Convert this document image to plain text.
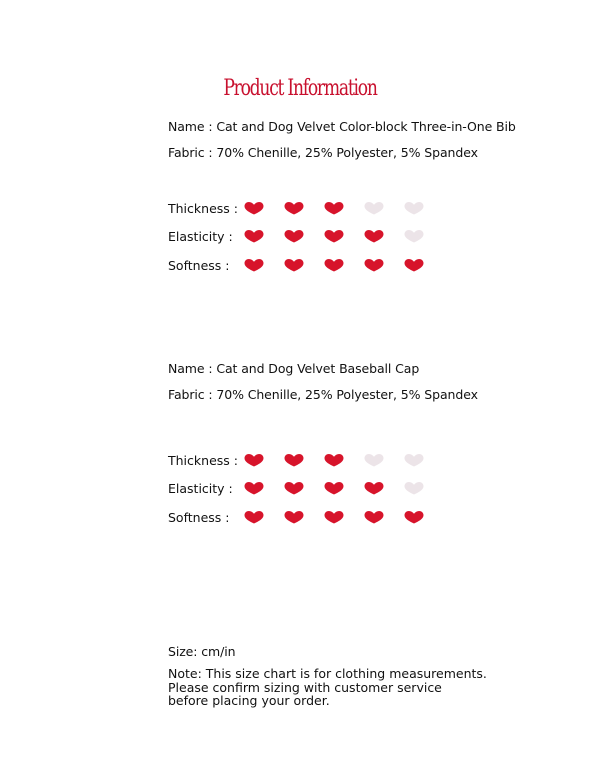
Product Information
Name : Cat and Dog Velvet Color-block Three-in-One Bib
Fabric : 70% Chenille, 25% Polyester, 5% Spandex
Thickness :
Elasticity :
Softness :
Name : Cat and Dog Velvet Baseball Cap
Fabric : 70% Chenille, 25% Polyester, 5% Spandex
Thickness :
Elasticity :
Softness :
Size: cm/in
Note: This size chart is for clothing measurements.
Please confirm sizing with customer service
before placing your order.
